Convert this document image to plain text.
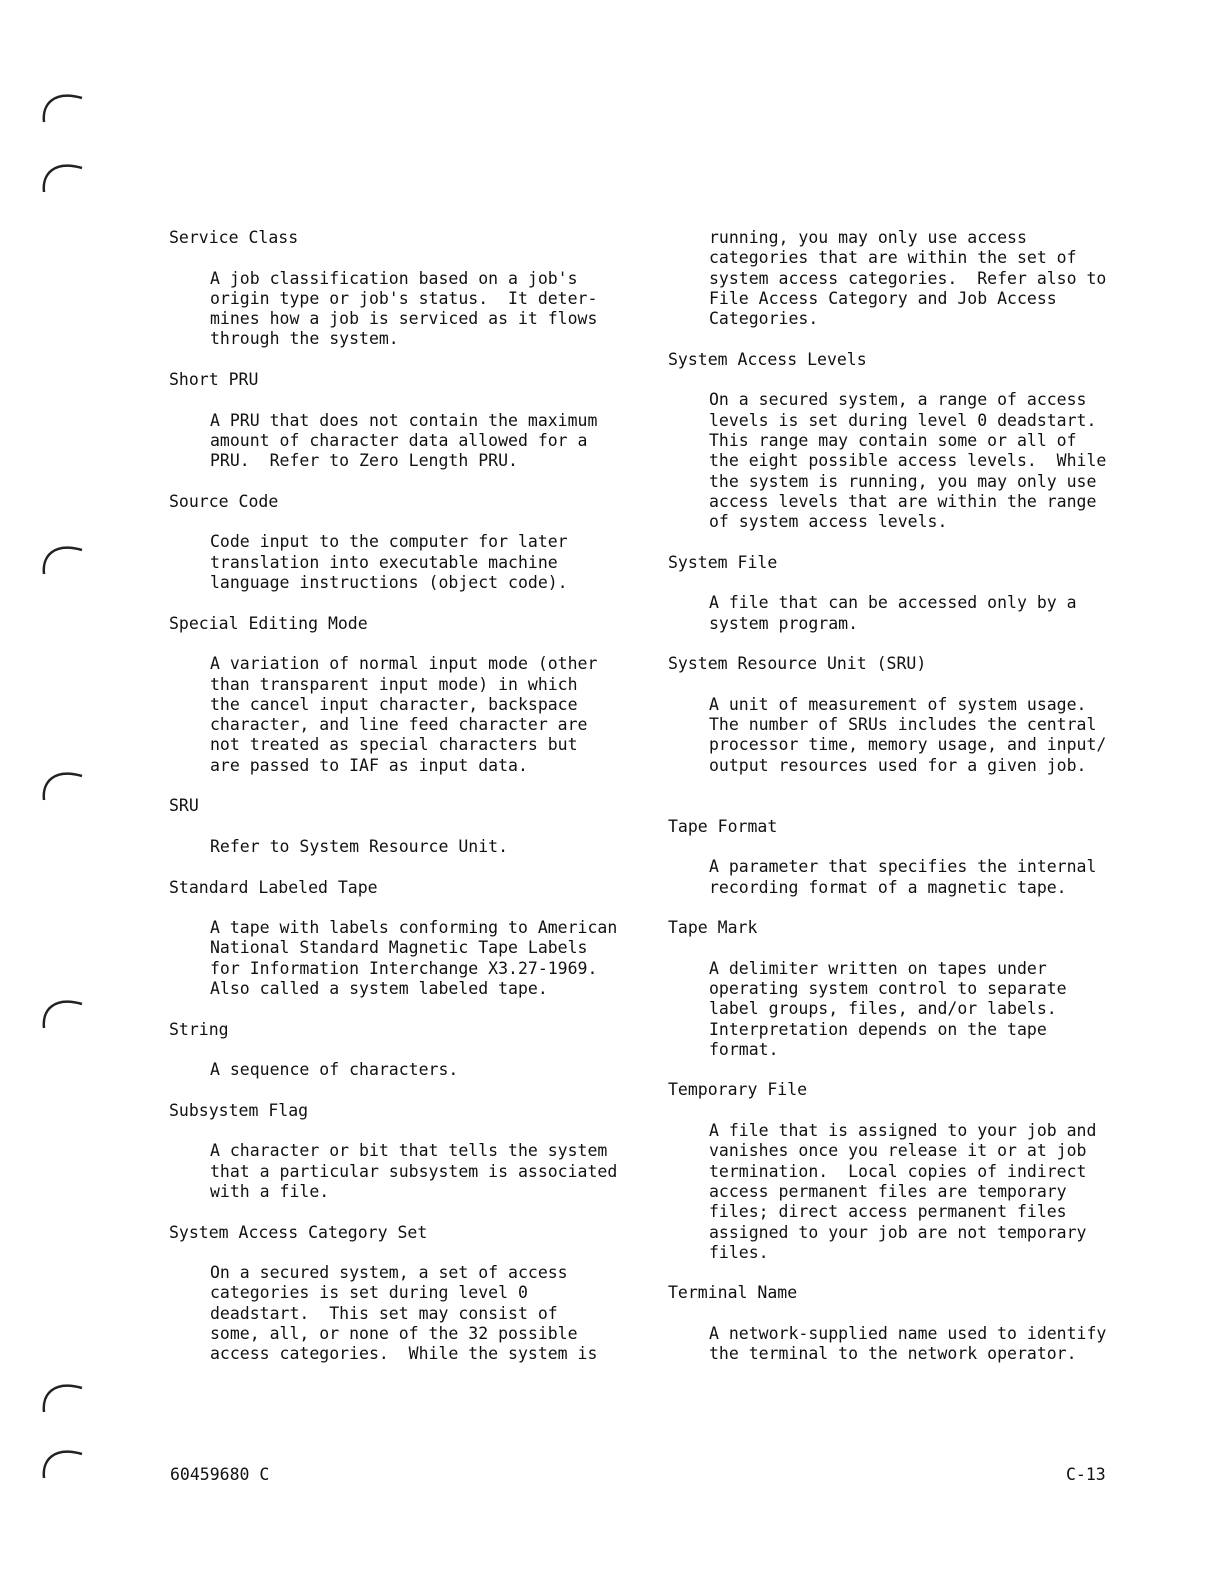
Service Class
A job classification based on a job's
origin type or job's status.  It deter-
mines how a job is serviced as it flows
through the system.
Short PRU
A PRU that does not contain the maximum
amount of character data allowed for a
PRU.  Refer to Zero Length PRU.
Source Code
Code input to the computer for later
translation into executable machine
language instructions (object code).
Special Editing Mode
A variation of normal input mode (other
than transparent input mode) in which
the cancel input character, backspace
character, and line feed character are
not treated as special characters but
are passed to IAF as input data.
SRU
Refer to System Resource Unit.
Standard Labeled Tape
A tape with labels conforming to American
National Standard Magnetic Tape Labels
for Information Interchange X3.27-1969.
Also called a system labeled tape.
String
A sequence of characters.
Subsystem Flag
A character or bit that tells the system
that a particular subsystem is associated
with a file.
System Access Category Set
On a secured system, a set of access
categories is set during level 0
deadstart.  This set may consist of
some, all, or none of the 32 possible
access categories.  While the system is
running, you may only use access
categories that are within the set of
system access categories.  Refer also to
File Access Category and Job Access
Categories.
System Access Levels
On a secured system, a range of access
levels is set during level 0 deadstart.
This range may contain some or all of
the eight possible access levels.  While
the system is running, you may only use
access levels that are within the range
of system access levels.
System File
A file that can be accessed only by a
system program.
System Resource Unit (SRU)
A unit of measurement of system usage.
The number of SRUs includes the central
processor time, memory usage, and input/
output resources used for a given job.
Tape Format
A parameter that specifies the internal
recording format of a magnetic tape.
Tape Mark
A delimiter written on tapes under
operating system control to separate
label groups, files, and/or labels.
Interpretation depends on the tape
format.
Temporary File
A file that is assigned to your job and
vanishes once you release it or at job
termination.  Local copies of indirect
access permanent files are temporary
files; direct access permanent files
assigned to your job are not temporary
files.
Terminal Name
A network-supplied name used to identify
the terminal to the network operator.
60459680 C	C-13
